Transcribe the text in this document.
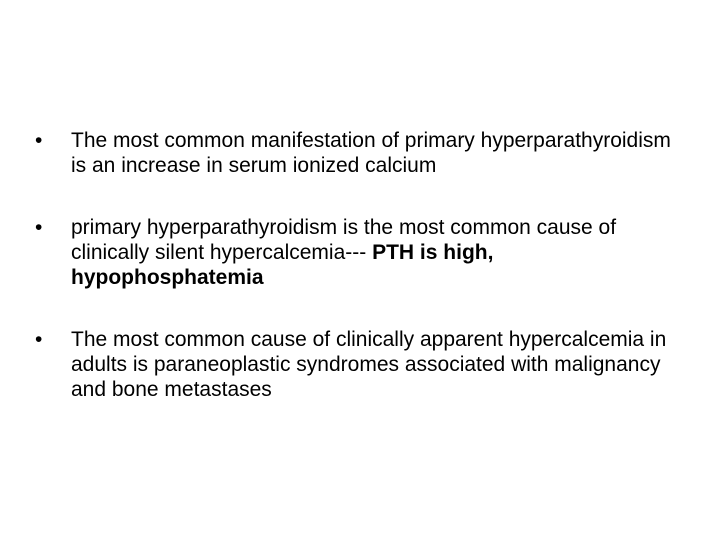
•	The most common manifestation of primary hyperparathyroidism is an increase in serum ionized calcium
•	primary hyperparathyroidism is the most common cause of clinically silent hypercalcemia--- PTH is high, hypophosphatemia
•	The most common cause of clinically apparent hypercalcemia in adults is paraneoplastic syndromes associated with malignancy and bone metastases
